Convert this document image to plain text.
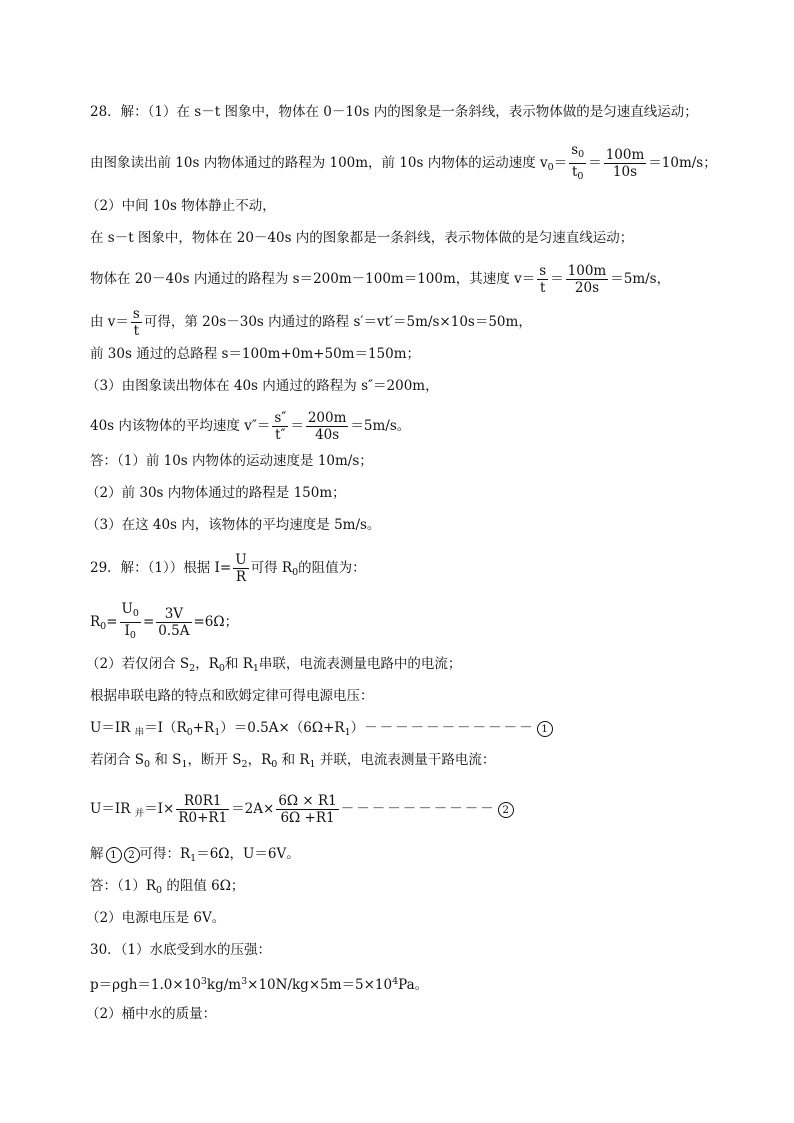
28．解：（1）在 s－t 图象中，物体在 0－10s 内的图象是一条斜线，表示物体做的是匀速直线运动；
由图象读出前 10s 内物体通过的路程为 100m，前 10s 内物体的运动速度 $v_0= \frac{s_0}{t_0} = \frac{100m}{10s} =10m/s$；
（2）中间 10s 物体静止不动，
在 s－t 图象中，物体在 20－40s 内的图象都是一条斜线，表示物体做的是匀速直线运动；
物体在 20－40s 内通过的路程为 s＝200m－100m＝100m，其速度 $v= \frac{s}{t} = \frac{100m}{20s} =5m/s$，
由 $v= \frac{s}{t}$ 可得，第 20s－30s 内通过的路程 s′＝vt′＝5m/s×10s＝50m，
前 30s 通过的总路程 s＝100m+0m+50m＝150m；
（3）由图象读出物体在 40s 内通过的路程为 s″＝200m，
40s 内该物体的平均速度 $v''= \frac{s''}{t''} = \frac{200m}{40s} =5m/s$。
答：（1）前 10s 内物体的运动速度是 10m/s；
（2）前 30s 内物体通过的路程是 150m；
（3）在这 40s 内，该物体的平均速度是 5m/s。
29．解：（1））根据 $I= \frac{U}{R}$ 可得 $R_0$的阻值为：
$R_0= \frac{U_0}{I_0} = \frac{3V}{0.5A} =6\Omega$；
（2）若仅闭合 $S_2$，$R_0$和 $R_1$串联，电流表测量电路中的电流；
根据串联电路的特点和欧姆定律可得电源电压：
U＝IR $_串=I(R_0+R_1)=0.5A\times(6\Omega+R_1)----------- 1$
若闭合 $S_0$ 和 $S_1$，断开 $S_2$，$R_0$ 和 $R_1$ 并联，电流表测量干路电流：
U＝IR $_并=I\times \frac{R0R1}{R0+R1} =2A\times \frac{6\Omega \times R1}{6\Omega +R1}$ －－－－－－－－－－ 2
解 1 2 可得：$R_1=6\Omega$，U＝6V。
答：$(1)R_0$ 的阻值 6Ω；
（2）电源电压是 6V。
30．（1）水底受到水的压强：
$p=\rho gh=1.0\times 10^3kg/m^3\times 10N/kg\times 5m=5\times 10^4Pa$。
（2）桶中水的质量：
